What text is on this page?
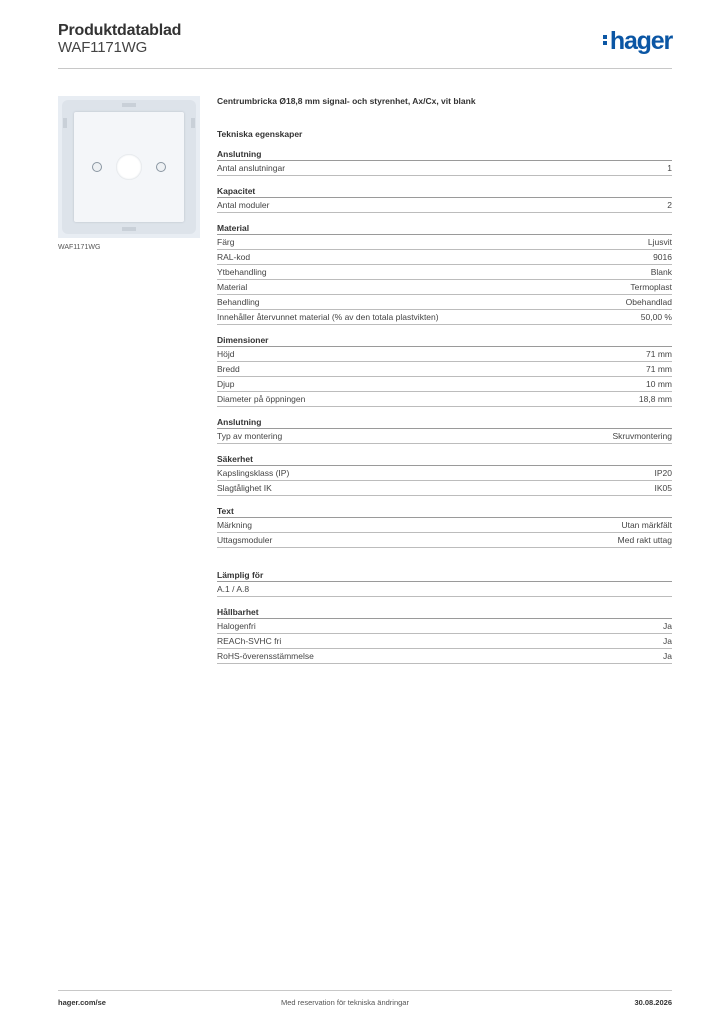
Produktdatablad
WAF1171WG	hager
WAF1171WG
Centrumbricka Ø18,8 mm signal- och styrenhet, Ax/Cx, vit blank
Tekniska egenskaper
Anslutning
Antal anslutningar	1
Kapacitet
Antal moduler	2
Material
Färg	Ljusvit
RAL-kod	9016
Ytbehandling	Blank
Material	Termoplast
Behandling	Obehandlad
Innehåller återvunnet material (% av den totala plastvikten)	50,00 %
Dimensioner
Höjd	71 mm
Bredd	71 mm
Djup	10 mm
Diameter på öppningen	18,8 mm
Anslutning
Typ av montering	Skruvmontering
Säkerhet
Kapslingsklass (IP)	IP20
Slagtålighet IK	IK05
Text
Märkning	Utan märkfält
Uttagsmoduler	Med rakt uttag
Lämplig för
A.1 / A.8
Hållbarhet
Halogenfri	Ja
REACh-SVHC fri	Ja
RoHS-överensstämmelse	Ja
hager.com/se	Med reservation för tekniska ändringar	30.08.2026
